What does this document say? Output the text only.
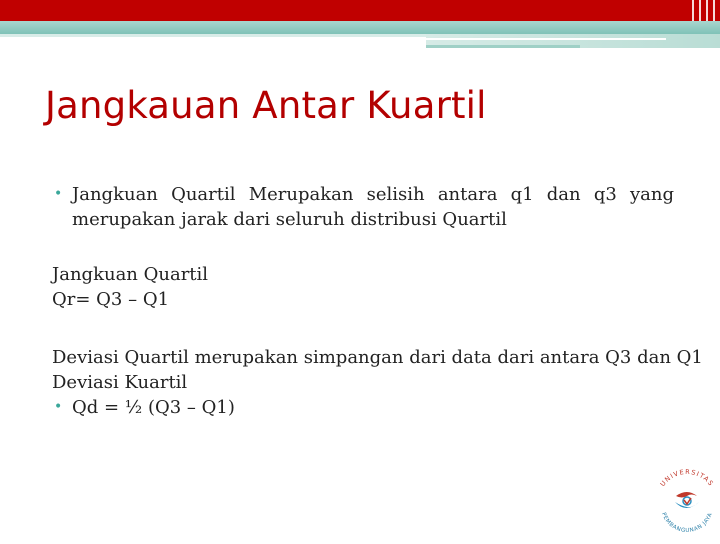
Jangkauan Antar Kuartil
• Jangkuan Quartil Merupakan selisih antara q1 dan q3 yang merupakan jarak dari seluruh distribusi Quartil
Jangkuan Quartil
Qr= Q3 – Q1
Deviasi Quartil merupakan simpangan dari data dari antara Q3 dan Q1
Deviasi Kuartil
• Qd = ½ (Q3 – Q1)
UNIVERSITAS
PEMBANGUNAN JAYA
